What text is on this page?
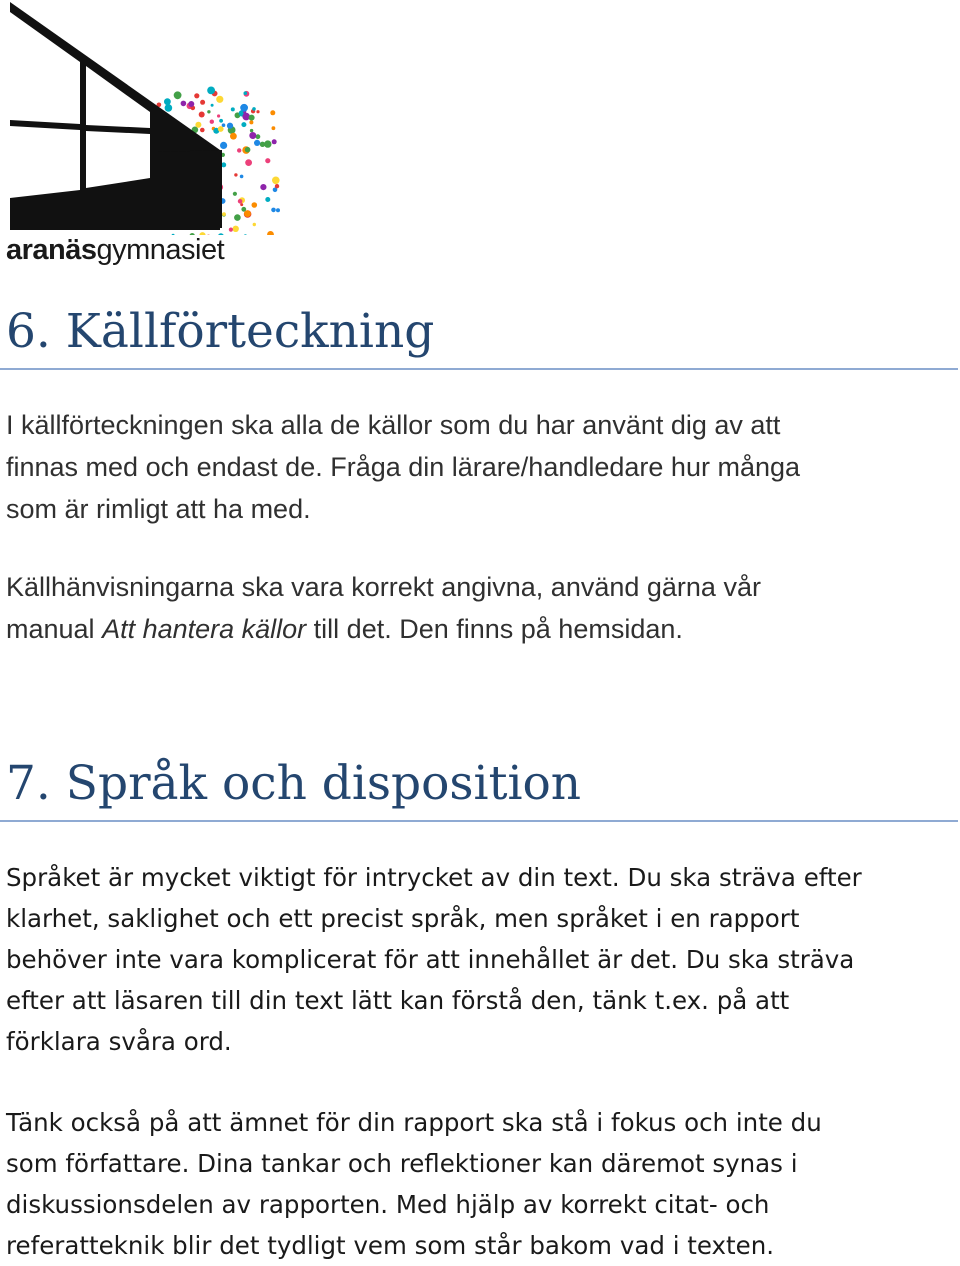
aranäsgymnasiet
6. Källförteckning
I källförteckningen ska alla de källor som du har använt dig av att
finnas med och endast de. Fråga din lärare/handledare hur många
som är rimligt att ha med.
Källhänvisningarna ska vara korrekt angivna, använd gärna vår
manual Att hantera källor till det. Den finns på hemsidan.
7. Språk och disposition
Språket är mycket viktigt för intrycket av din text. Du ska sträva efter
klarhet, saklighet och ett precist språk, men språket i en rapport
behöver inte vara komplicerat för att innehållet är det. Du ska sträva
efter att läsaren till din text lätt kan förstå den, tänk t.ex. på att
förklara svåra ord.
Tänk också på att ämnet för din rapport ska stå i fokus och inte du
som författare. Dina tankar och reflektioner kan däremot synas i
diskussionsdelen av rapporten. Med hjälp av korrekt citat- och
referatteknik blir det tydligt vem som står bakom vad i texten.
